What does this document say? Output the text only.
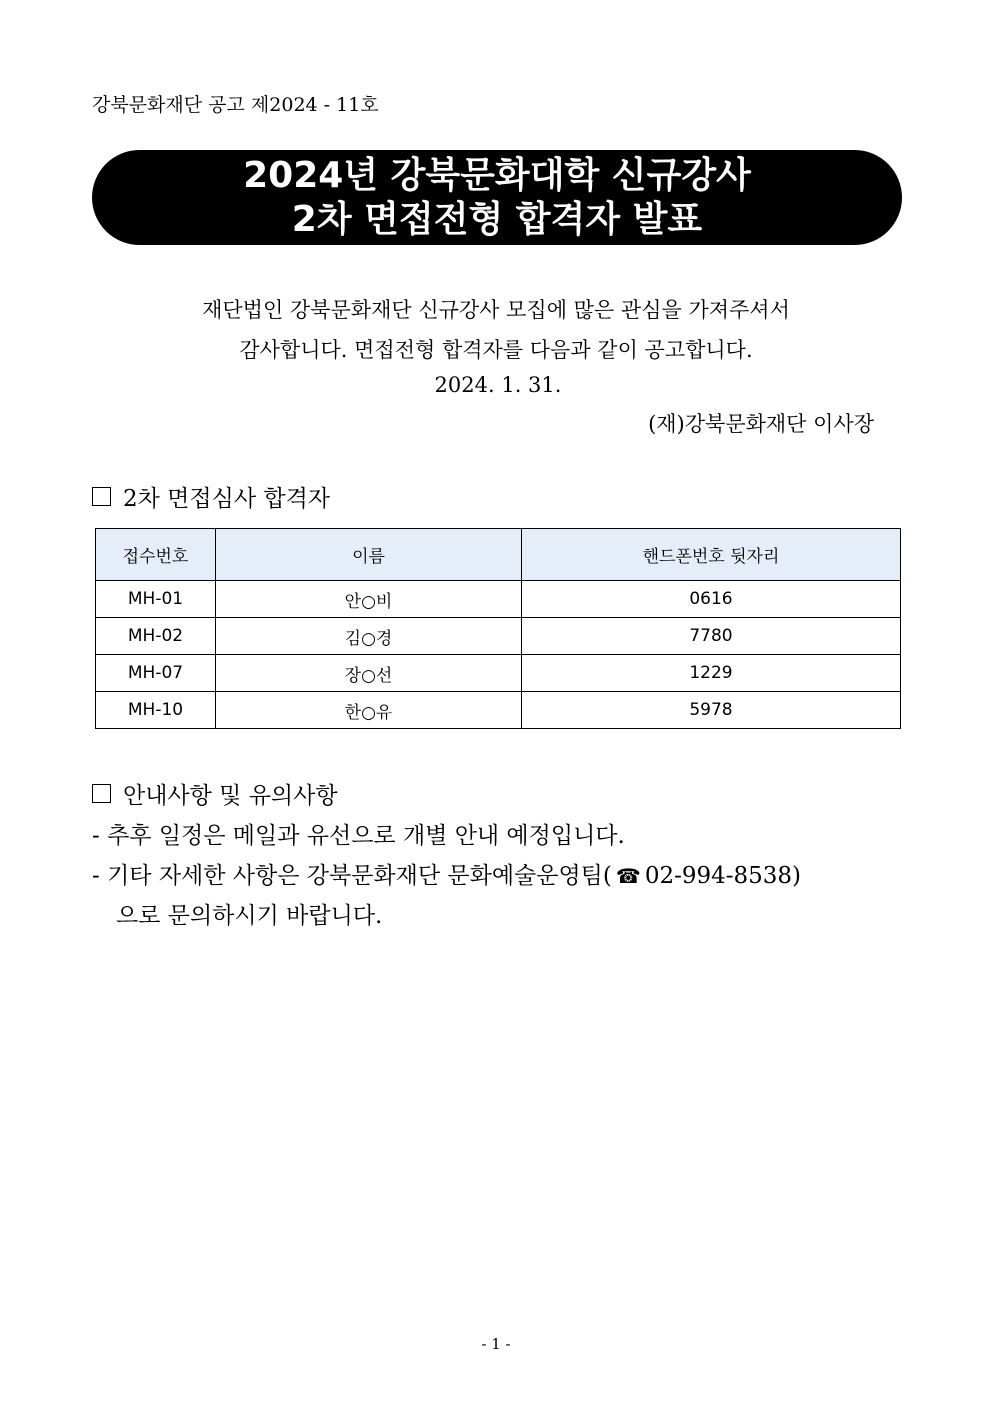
강북문화재단 공고 제2024 - 11호
2024년 강북문화대학 신규강사
2차 면접전형 합격자 발표
재단법인 강북문화재단 신규강사 모집에 많은 관심을 가져주셔서
감사합니다. 면접전형 합격자를 다음과 같이 공고합니다.
2024. 1. 31.
(재)강북문화재단 이사장
2차 면접심사 합격자
접수번호	이름	핸드폰번호 뒷자리
MH-01	안○비	0616
MH-02	김○경	7780
MH-07	장○선	1229
MH-10	한○유	5978
안내사항 및 유의사항
- 추후 일정은 메일과 유선으로 개별 안내 예정입니다.
- 기타 자세한 사항은 강북문화재단 문화예술운영팀( ☎ 02-994-8538)
으로 문의하시기 바랍니다.
- 1 -
